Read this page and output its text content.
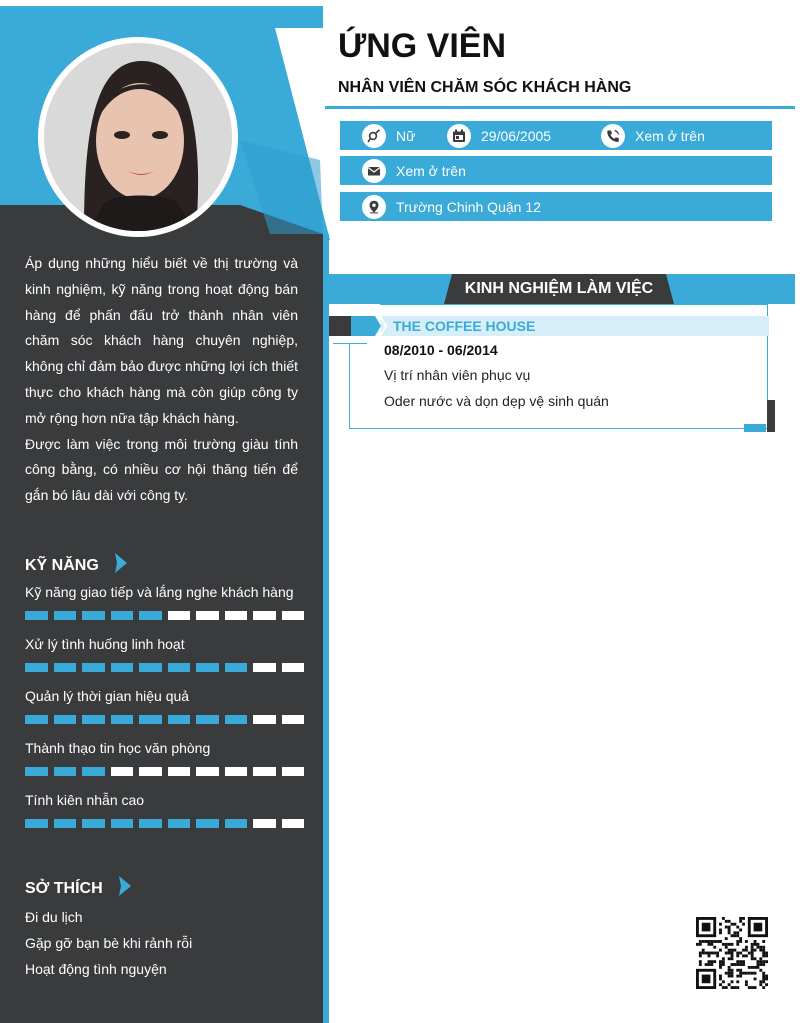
Áp dụng những hiểu biết về thị trường và kinh nghiệm, kỹ năng trong hoạt động bán hàng để phấn đấu trở thành nhân viên chăm sóc khách hàng chuyên nghiệp, không chỉ đảm bảo được những lợi ích thiết thực cho khách hàng mà còn giúp công ty mở rộng hơn nữa tập khách hàng.

Được làm việc trong môi trường giàu tính công bằng, có nhiều cơ hội thăng tiến để gắn bó lâu dài với công ty.

KỸ NĂNG
Kỹ năng giao tiếp và lắng nghe khách hàng
Xử lý tình huống linh hoạt
Quản lý thời gian hiệu quả
Thành thạo tin học văn phòng
Tính kiên nhẫn cao
SỞ THÍCH
Đi du lịch
Gặp gỡ bạn bè khi rảnh rỗi
Hoạt động tình nguyện
ỨNG VIÊN
NHÂN VIÊN CHĂM SÓC KHÁCH HÀNG
Nữ	29/06/2005	Xem ở trên
Xem ở trên
Trường Chinh Quận 12
KINH NGHIỆM LÀM VIỆC
THE COFFEE HOUSE
08/2010 - 06/2014
Vị trí nhân viên phục vụ
Oder nước và dọn dẹp vệ sinh quán
